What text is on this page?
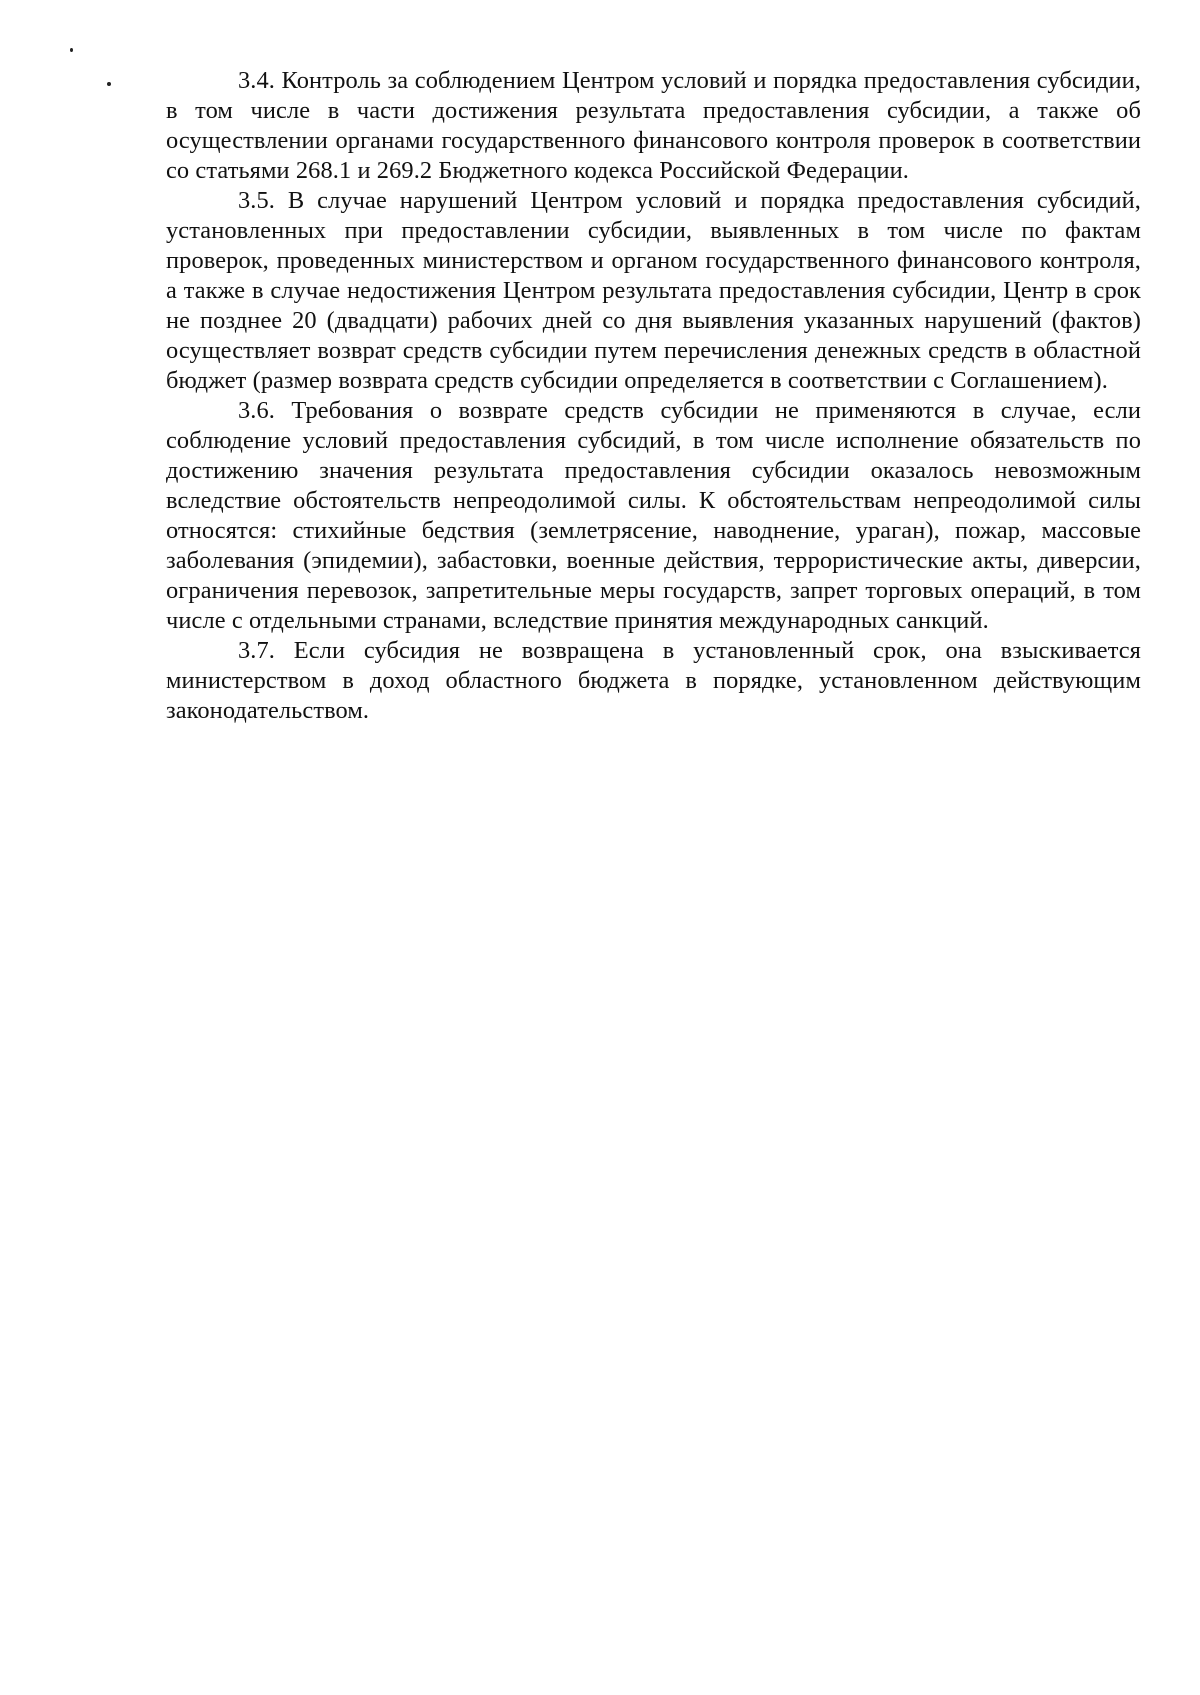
3.4. Контроль за соблюдением Центром условий и порядка предоставления субсидии, в том числе в части достижения результата предоставления субсидии, а также об осуществлении органами государственного финансового контроля проверок в соответствии со статьями 268.1 и 269.2 Бюджетного кодекса Российской Федерации.

3.5. В случае нарушений Центром условий и порядка предоставления субсидий, установленных при предоставлении субсидии, выявленных в том числе по фактам проверок, проведенных министерством и органом государственного финансового контроля, а также в случае недостижения Центром результата предоставления субсидии, Центр в срок не позднее 20 (двадцати) рабочих дней со дня выявления указанных нарушений (фактов) осуществляет возврат средств субсидии путем перечисления денежных средств в областной бюджет (размер возврата средств субсидии определяется в соответствии с Соглашением).

3.6. Требования о возврате средств субсидии не применяются в случае, если соблюдение условий предоставления субсидий, в том числе исполнение обязательств по достижению значения результата предоставления субсидии оказалось невозможным вследствие обстоятельств непреодолимой силы. К обстоятельствам непреодолимой силы относятся: стихийные бедствия (землетрясение, наводнение, ураган), пожар, массовые заболевания (эпидемии), забастовки, военные действия, террористические акты, диверсии, ограничения перевозок, запретительные меры государств, запрет торговых операций, в том числе с отдельными странами, вследствие принятия международных санкций.

3.7. Если субсидия не возвращена в установленный срок, она взыскивается министерством в доход областного бюджета в порядке, установленном действующим законодательством.
